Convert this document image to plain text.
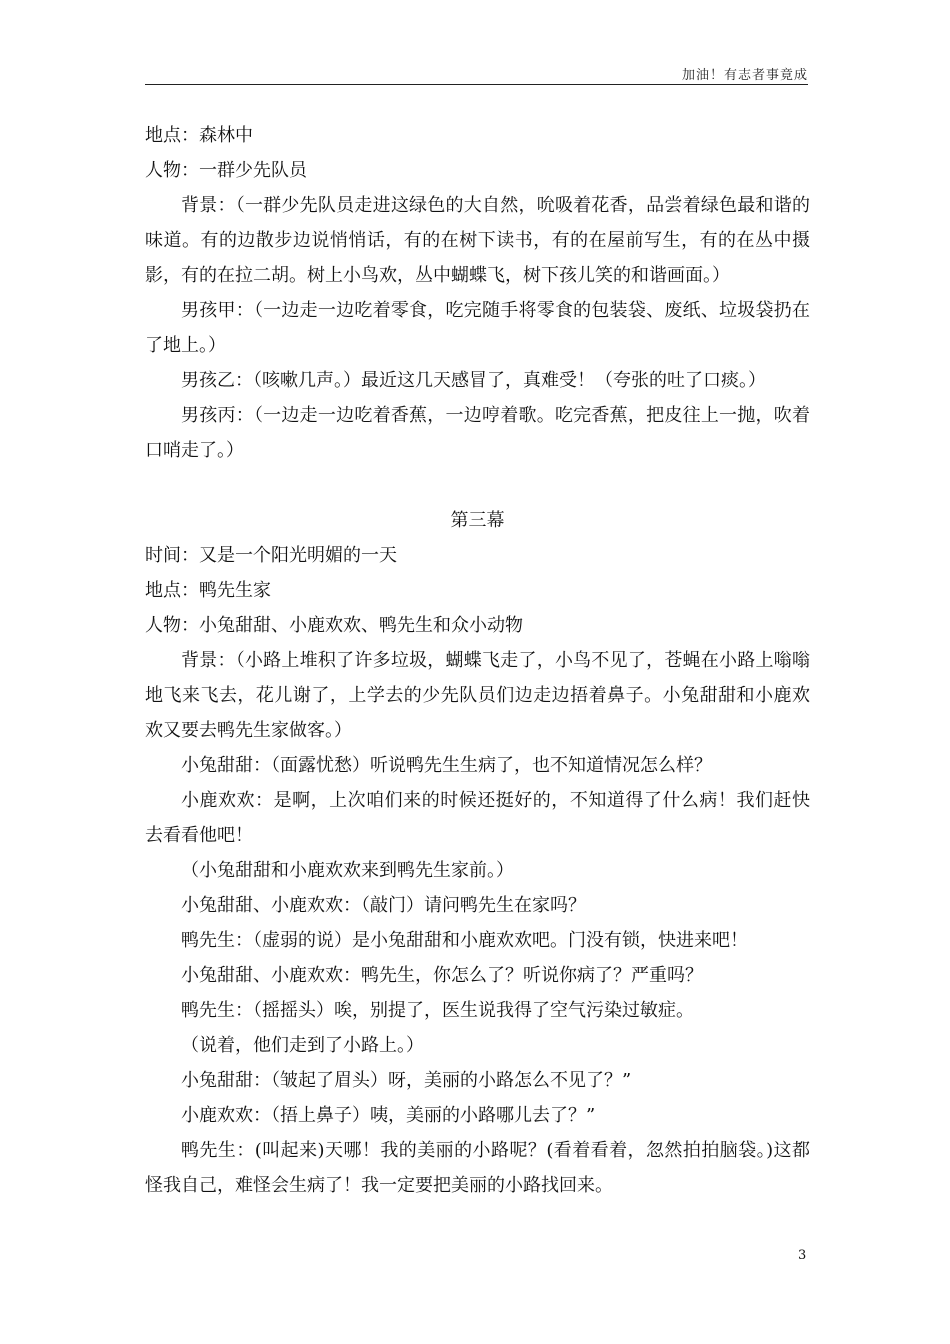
加油！有志者事竟成
地点：森林中
人物：一群少先队员
背景：（一群少先队员走进这绿色的大自然，吮吸着花香，品尝着绿色最和谐的味道。有的边散步边说悄悄话，有的在树下读书，有的在屋前写生，有的在丛中摄影，有的在拉二胡。树上小鸟欢，丛中蝴蝶飞，树下孩儿笑的和谐画面。）
男孩甲：（一边走一边吃着零食，吃完随手将零食的包装袋、废纸、垃圾袋扔在了地上。）
男孩乙：（咳嗽几声。）最近这几天感冒了，真难受！（夸张的吐了口痰。）
男孩丙：（一边走一边吃着香蕉，一边哼着歌。吃完香蕉，把皮往上一抛，吹着口哨走了。）
第三幕
时间：又是一个阳光明媚的一天
地点：鸭先生家
人物：小兔甜甜、小鹿欢欢、鸭先生和众小动物
背景：（小路上堆积了许多垃圾，蝴蝶飞走了，小鸟不见了，苍蝇在小路上嗡嗡地飞来飞去，花儿谢了，上学去的少先队员们边走边捂着鼻子。小兔甜甜和小鹿欢欢又要去鸭先生家做客。）
小兔甜甜：（面露忧愁）听说鸭先生生病了，也不知道情况怎么样？
小鹿欢欢：是啊，上次咱们来的时候还挺好的，不知道得了什么病！我们赶快去看看他吧！
（小兔甜甜和小鹿欢欢来到鸭先生家前。）
小兔甜甜、小鹿欢欢：（敲门）请问鸭先生在家吗？
鸭先生：（虚弱的说）是小兔甜甜和小鹿欢欢吧。门没有锁，快进来吧！
小兔甜甜、小鹿欢欢：鸭先生，你怎么了？听说你病了？严重吗？
鸭先生：（摇摇头）唉，别提了，医生说我得了空气污染过敏症。
（说着，他们走到了小路上。）
小兔甜甜：（皱起了眉头）呀，美丽的小路怎么不见了？”
小鹿欢欢：（捂上鼻子）咦，美丽的小路哪儿去了？”
鸭先生：(叫起来)天哪！我的美丽的小路呢？(看着看着，忽然拍拍脑袋。)这都怪我自己，难怪会生病了！我一定要把美丽的小路找回来。
3
